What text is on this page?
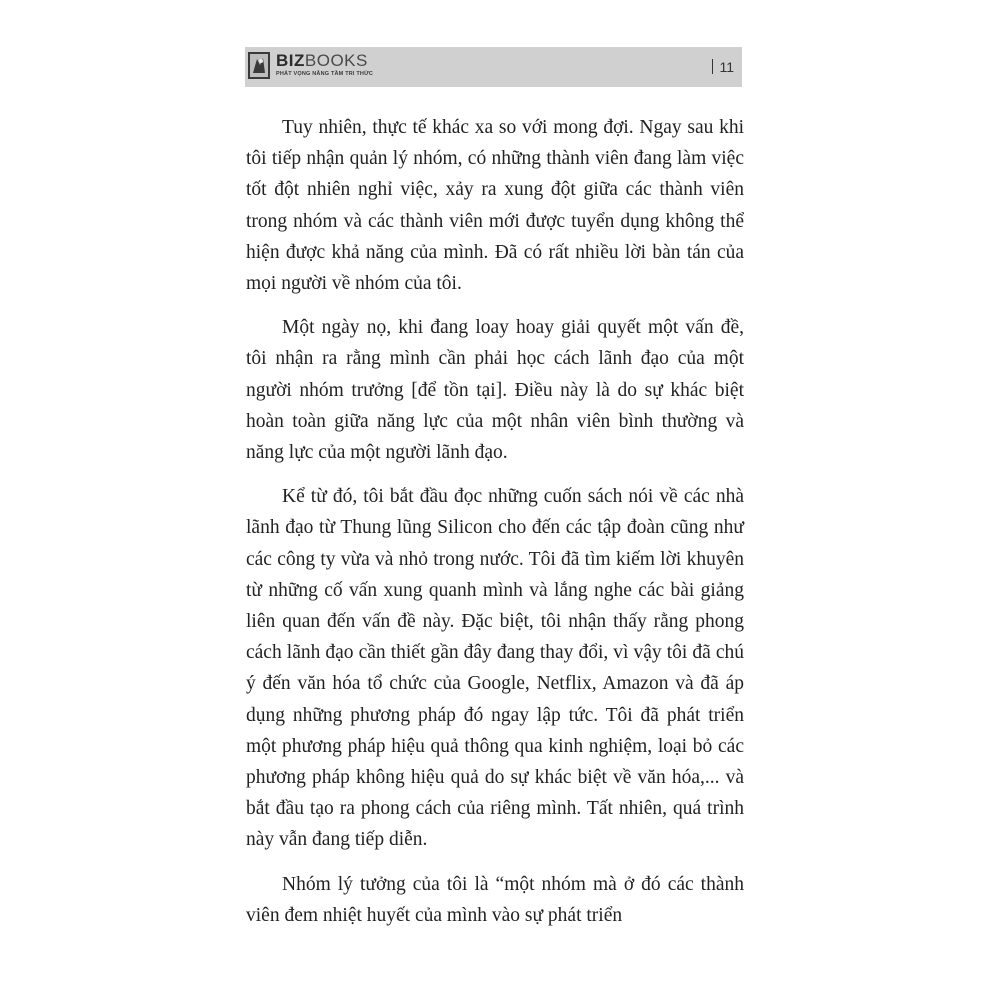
BIZBOOKS
PHÁT VỌNG NÂNG TẦM TRI THỨC	11

Tuy nhiên, thực tế khác xa so với mong đợi. Ngay sau khi tôi tiếp nhận quản lý nhóm, có những thành viên đang làm việc tốt đột nhiên nghỉ việc, xảy ra xung đột giữa các thành viên trong nhóm và các thành viên mới được tuyển dụng không thể hiện được khả năng của mình. Đã có rất nhiều lời bàn tán của mọi người về nhóm của tôi.

Một ngày nọ, khi đang loay hoay giải quyết một vấn đề, tôi nhận ra rằng mình cần phải học cách lãnh đạo của một người nhóm trưởng [để tồn tại]. Điều này là do sự khác biệt hoàn toàn giữa năng lực của một nhân viên bình thường và năng lực của một người lãnh đạo.

Kể từ đó, tôi bắt đầu đọc những cuốn sách nói về các nhà lãnh đạo từ Thung lũng Silicon cho đến các tập đoàn cũng như các công ty vừa và nhỏ trong nước. Tôi đã tìm kiếm lời khuyên từ những cố vấn xung quanh mình và lắng nghe các bài giảng liên quan đến vấn đề này. Đặc biệt, tôi nhận thấy rằng phong cách lãnh đạo cần thiết gần đây đang thay đổi, vì vậy tôi đã chú ý đến văn hóa tổ chức của Google, Netflix, Amazon và đã áp dụng những phương pháp đó ngay lập tức. Tôi đã phát triển một phương pháp hiệu quả thông qua kinh nghiệm, loại bỏ các phương pháp không hiệu quả do sự khác biệt về văn hóa,... và bắt đầu tạo ra phong cách của riêng mình. Tất nhiên, quá trình này vẫn đang tiếp diễn.

Nhóm lý tưởng của tôi là “một nhóm mà ở đó các thành viên đem nhiệt huyết của mình vào sự phát triển
